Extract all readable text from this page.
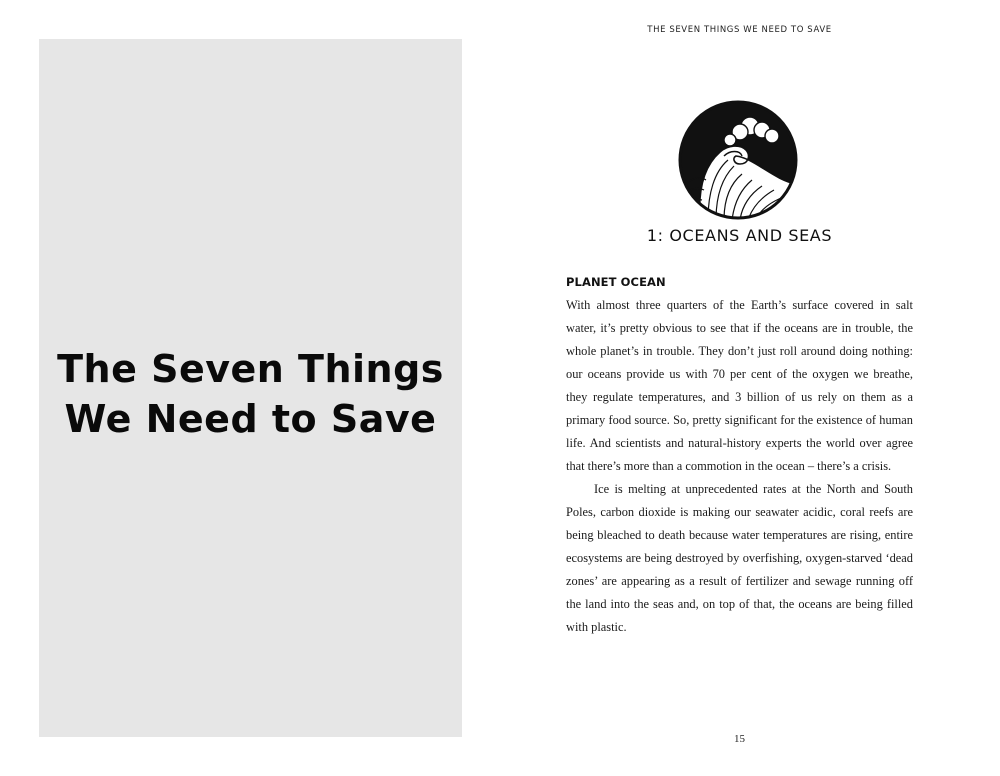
The Seven Things
We Need to Save
THE SEVEN THINGS WE NEED TO SAVE
1: OCEANS AND SEAS
PLANET OCEAN

With almost three quarters of the Earth’s surface covered in salt water, it’s pretty obvious to see that if the oceans are in trouble, the whole planet’s in trouble. They don’t just roll around doing nothing: our oceans provide us with 70 per cent of the oxygen we breathe, they regulate temperatures, and 3 billion of us rely on them as a primary food source. So, pretty significant for the existence of human life. And scientists and natural-history experts the world over agree that there’s more than a commotion in the ocean – there’s a crisis.

Ice is melting at unprecedented rates at the North and South Poles, carbon dioxide is making our seawater acidic, coral reefs are being bleached to death because water temperatures are rising, entire ecosystems are being destroyed by overfishing, oxygen-starved ‘dead zones’ are appearing as a result of fertilizer and sewage running off the land into the seas and, on top of that, the oceans are being filled with plastic.

15
